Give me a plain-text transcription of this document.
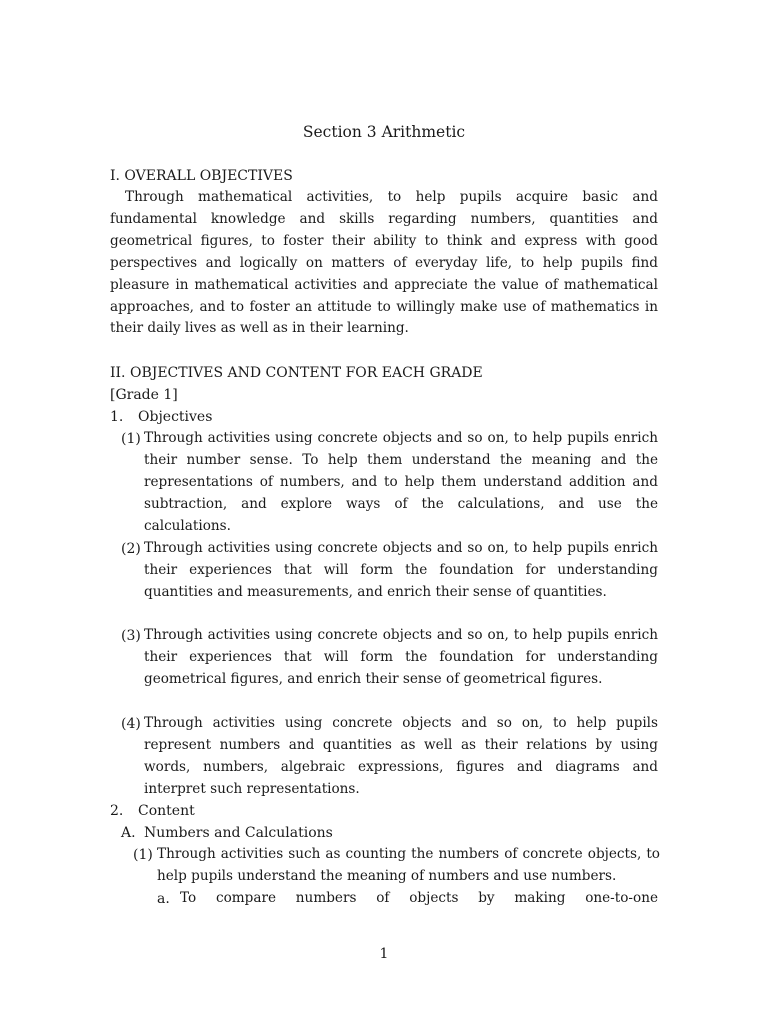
Section 3 Arithmetic
I. OVERALL OBJECTIVES
Through mathematical activities, to help pupils acquire basic and fundamental knowledge and skills regarding numbers, quantities and geometrical figures, to foster their ability to think and express with good perspectives and logically on matters of everyday life, to help pupils find pleasure in mathematical activities and appreciate the value of mathematical approaches, and to foster an attitude to willingly make use of mathematics in their daily lives as well as in their learning.
II. OBJECTIVES AND CONTENT FOR EACH GRADE
[Grade 1]
1. Objectives
(1) Through activities using concrete objects and so on, to help pupils enrich their number sense. To help them understand the meaning and the representations of numbers, and to help them understand addition and subtraction, and explore ways of the calculations, and use the calculations.
(2) Through activities using concrete objects and so on, to help pupils enrich their experiences that will form the foundation for understanding quantities and measurements, and enrich their sense of quantities.
(3) Through activities using concrete objects and so on, to help pupils enrich their experiences that will form the foundation for understanding geometrical figures, and enrich their sense of geometrical figures.
(4) Through activities using concrete objects and so on, to help pupils represent numbers and quantities as well as their relations by using words, numbers, algebraic expressions, figures and diagrams and interpret such representations.
2. Content
A. Numbers and Calculations
(1) Through activities such as counting the numbers of concrete objects, to help pupils understand the meaning of numbers and use numbers.
a. To compare numbers of objects by making one-to-one
1
